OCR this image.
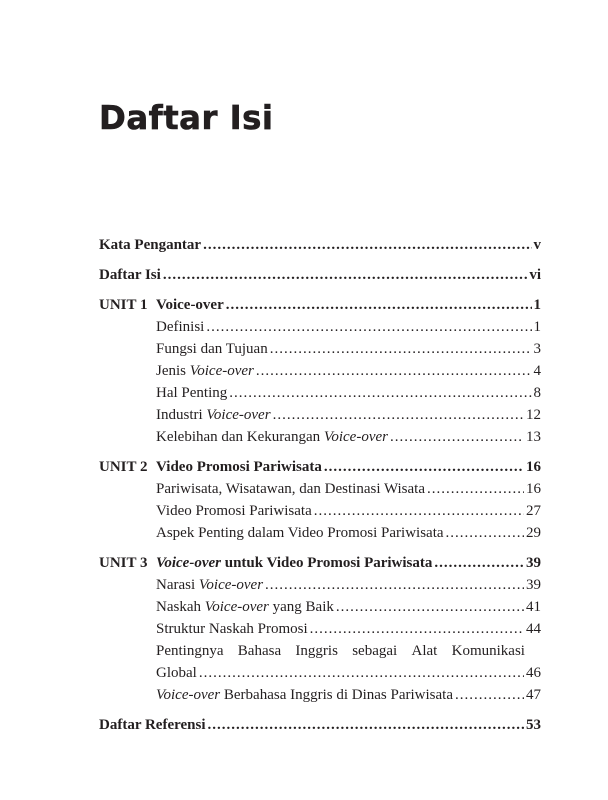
Daftar Isi
Kata Pengantar .....	v
Daftar Isi .....	vi
UNIT 1 Voice-over .....	1
Definisi .....	1
Fungsi dan Tujuan .....	3
Jenis Voice-over .....	4
Hal Penting .....	8
Industri Voice-over .....	12
Kelebihan dan Kekurangan Voice-over .....	13
UNIT 2 Video Promosi Pariwisata .....	16
Pariwisata, Wisatawan, dan Destinasi Wisata .....	16
Video Promosi Pariwisata .....	27
Aspek Penting dalam Video Promosi Pariwisata .....	29
UNIT 3 Voice-over untuk Video Promosi Pariwisata .....	39
Narasi Voice-over .....	39
Naskah Voice-over yang Baik .....	41
Struktur Naskah Promosi .....	44
Pentingnya Bahasa Inggris sebagai Alat Komunikasi
Global .....	46
Voice-over Berbahasa Inggris di Dinas Pariwisata .....	47
Daftar Referensi .....	53
